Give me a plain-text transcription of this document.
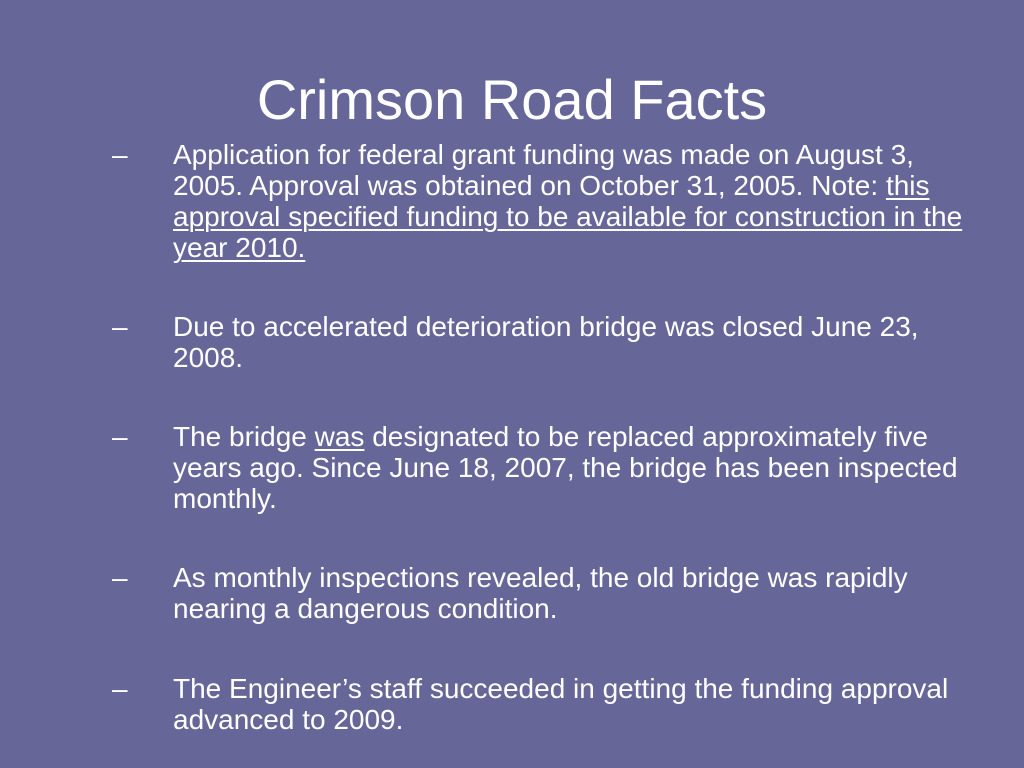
Crimson Road Facts
– Application for federal grant funding was made on August 3, 2005. Approval was obtained on October 31, 2005. Note: this approval specified funding to be available for construction in the year 2010.
– Due to accelerated deterioration bridge was closed June 23, 2008.
– The bridge was designated to be replaced approximately five years ago. Since June 18, 2007, the bridge has been inspected monthly.
– As monthly inspections revealed, the old bridge was rapidly nearing a dangerous condition.
– The Engineer’s staff succeeded in getting the funding approval advanced to 2009.
